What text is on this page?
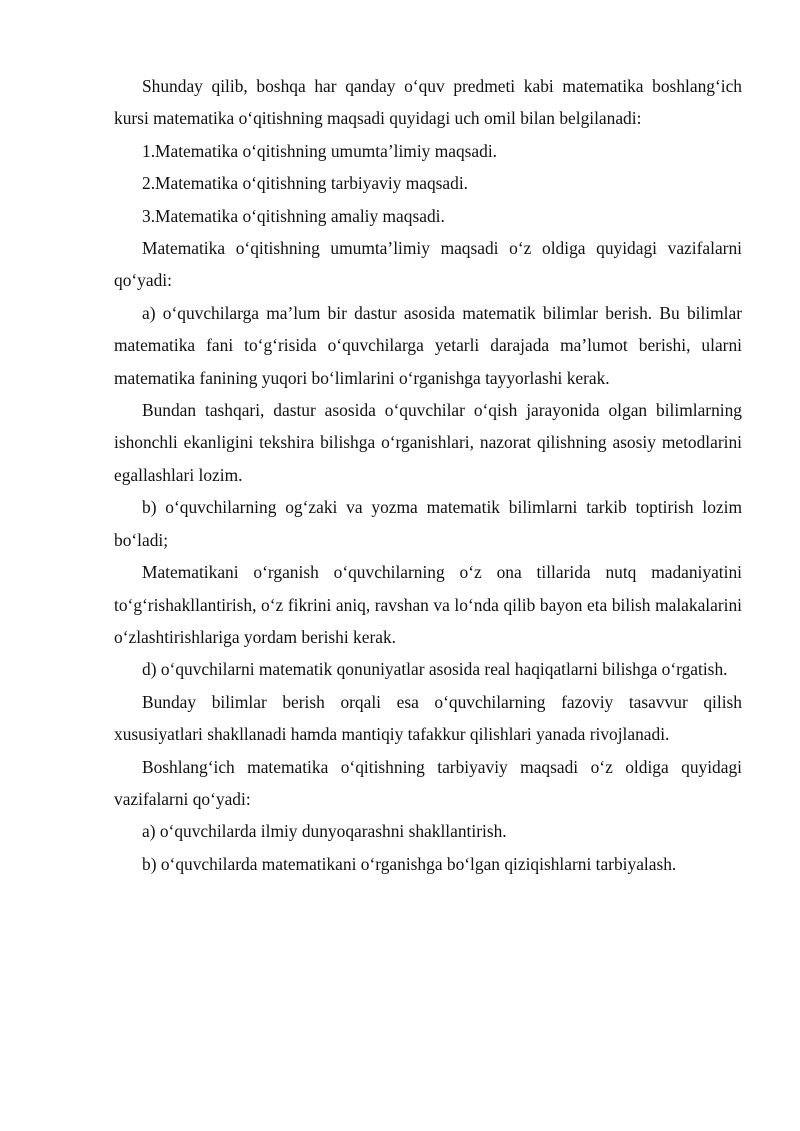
Shunday qilib, boshqa har qanday o‘quv predmeti kabi matematika boshlang‘ich kursi matematika o‘qitishning maqsadi quyidagi uch omil bilan belgilanadi:

1.Matematika o‘qitishning umumta’limiy maqsadi.

2.Matematika o‘qitishning tarbiyaviy maqsadi.

3.Matematika o‘qitishning amaliy maqsadi.

Matematika o‘qitishning umumta’limiy maqsadi o‘z oldiga quyidagi vazifalarni qo‘yadi:

a) o‘quvchilarga ma’lum bir dastur asosida matematik bilimlar berish. Bu bilimlar matematika fani to‘g‘risida o‘quvchilarga yetarli darajada ma’lumot berishi, ularni matematika fanining yuqori bo‘limlarini o‘rganishga tayyorlashi kerak.

Bundan tashqari, dastur asosida o‘quvchilar o‘qish jarayonida olgan bilimlarning ishonchli ekanligini tekshira bilishga o‘rganishlari, nazorat qilishning asosiy metodlarini egallashlari lozim.

b) o‘quvchilarning og‘zaki va yozma matematik bilimlarni tarkib toptirish lozim bo‘ladi;

Matematikani o‘rganish o‘quvchilarning o‘z ona tillarida nutq madaniyatini to‘g‘rishakllantirish, o‘z fikrini aniq, ravshan va lo‘nda qilib bayon eta bilish malakalarini o‘zlashtirishlariga yordam berishi kerak.

d) o‘quvchilarni matematik qonuniyatlar asosida real haqiqatlarni bilishga o‘rgatish.

Bunday bilimlar berish orqali esa o‘quvchilarning fazoviy tasavvur qilish xususiyatlari shakllanadi hamda mantiqiy tafakkur qilishlari yanada rivojlanadi.

Boshlang‘ich matematika o‘qitishning tarbiyaviy maqsadi o‘z oldiga quyidagi vazifalarni qo‘yadi:

a) o‘quvchilarda ilmiy dunyoqarashni shakllantirish.

b) o‘quvchilarda matematikani o‘rganishga bo‘lgan qiziqishlarni tarbiyalash.
